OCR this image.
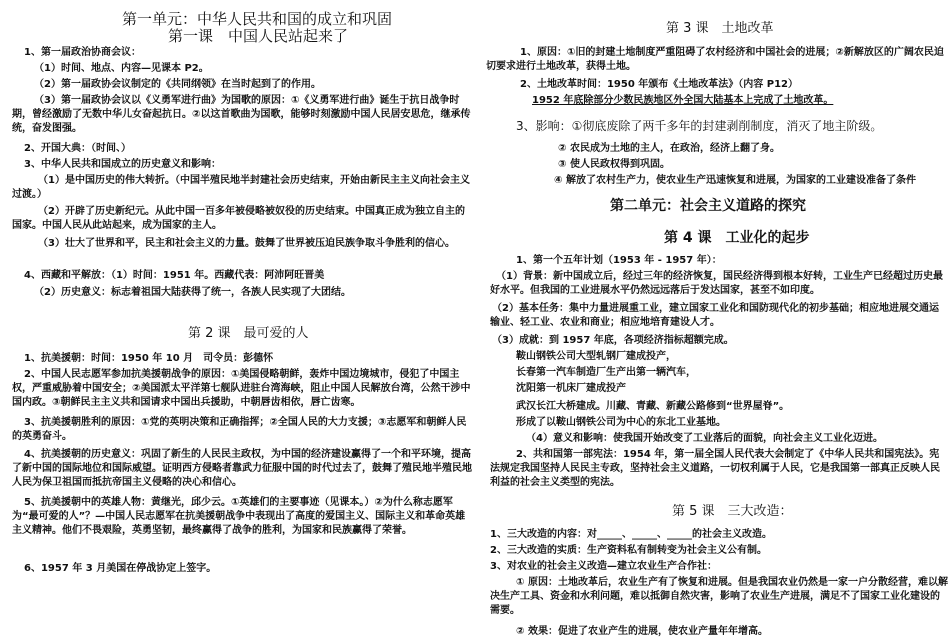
第一单元：中华人民共和国的成立和巩固
第一课　中国人民站起来了

1、第一届政治协商会议：

（1）时间、地点、内容—见课本 P2。

（2）第一届政协会议制定的《共同纲领》在当时起到了的作用。

（3）第一届政协会议以《义勇军进行曲》为国歌的原因：①《义勇军进行曲》诞生于抗日战争时期，曾经激励了无数中华儿女奋起抗日。②以这首歌曲为国歌，能够时刻激励中国人民居安思危，继承传统，奋发图强。

2、开国大典：（时间、）

3、中华人民共和国成立的历史意义和影响：

（1）是中国历史的伟大转折。（中国半殖民地半封建社会历史结束，开始由新民主主义向社会主义过渡。）

（2）开辟了历史新纪元。从此中国一百多年被侵略被奴役的历史结束。中国真正成为独立自主的国家。中国人民从此站起来，成为国家的主人。

（3）壮大了世界和平，民主和社会主义的力量。鼓舞了世界被压迫民族争取斗争胜利的信心。

4、西藏和平解放：（1）时间：1951 年。西藏代表：阿沛阿旺晋美

（2）历史意义：标志着祖国大陆获得了统一，各族人民实现了大团结。

第 2 课　最可爱的人

1、抗美援朝：时间：1950 年 10 月　司令员：彭德怀

2、中国人民志愿军参加抗美援朝战争的原因：①美国侵略朝鲜，轰炸中国边境城市，侵犯了中国主权，严重威胁着中国安全；②美国派太平洋第七舰队进驻台湾海峡，阻止中国人民解放台湾，公然干涉中国内政。③朝鲜民主主义共和国请求中国出兵援助，中朝唇齿相依，唇亡齿寒。

3、抗美援朝胜利的原因：①党的英明决策和正确指挥；②全国人民的大力支援；③志愿军和朝鲜人民的英勇奋斗。

4、抗美援朝的历史意义：巩固了新生的人民民主政权，为中国的经济建设赢得了一个和平环境，提高了新中国的国际地位和国际威望。证明西方侵略者靠武力征服中国的时代过去了，鼓舞了殖民地半殖民地人民为保卫祖国而抵抗帝国主义侵略的决心和信心。

5、抗美援朝中的英雄人物：黄继光，邱少云。①英雄们的主要事迹（见课本。）②为什么称志愿军为“最可爱的人”？—中国人民志愿军在抗美援朝战争中表现出了高度的爱国主义、国际主义和革命英雄主义精神。他们不畏艰险，英勇坚韧，最终赢得了战争的胜利，为国家和民族赢得了荣誉。

6、1957 年 3 月美国在停战协定上签字。

第 3 课　土地改革

1、原因：①旧的封建土地制度严重阻碍了农村经济和中国社会的进展；②新解放区的广阔农民迫切要求进行土地改革，获得土地。

2、土地改革时间：1950 年颁布《土地改革法》（内容 P12）

1952 年底除部分少数民族地区外全国大陆基本上完成了土地改革。

3、影响：①彻底废除了两千多年的封建剥削制度，消灭了地主阶级。

② 农民成为土地的主人，在政治，经济上翻了身。

③ 使人民政权得到巩固。

④ 解放了农村生产力，使农业生产迅速恢复和进展，为国家的工业建设准备了条件

第二单元：社会主义道路的探究
第 4 课　工业化的起步

1、第一个五年计划（1953 年 - 1957 年）：

（1）背景：新中国成立后，经过三年的经济恢复，国民经济得到根本好转，工业生产已经超过历史最好水平。但我国的工业进展水平仍然远远落后于发达国家，甚至不如印度。

（2）基本任务：集中力量进展重工业，建立国家工业化和国防现代化的初步基础；相应地进展交通运输业、轻工业、农业和商业；相应地培育建设人才。

（3）成就：到 1957 年底，各项经济指标超额完成。

鞍山钢铁公司大型轧钢厂建成投产，

长春第一汽车制造厂生产出第一辆汽车，

沈阳第一机床厂建成投产

武汉长江大桥建成。川藏、青藏、新藏公路修到“世界屋脊”。

形成了以鞍山钢铁公司为中心的东北工业基地。

（4）意义和影响：使我国开始改变了工业落后的面貌，向社会主义工业化迈进。

2、共和国第一部宪法：1954 年，第一届全国人民代表大会制定了《中华人民共和国宪法》。宪法规定我国坚持人民民主专政，坚持社会主义道路，一切权利属于人民，它是我国第一部真正反映人民利益的社会主义类型的宪法。

第 5 课　三大改造：

1、三大改造的内容：对_____、_____、_____的社会主义改造。

2、三大改造的实质：生产资料私有制转变为社会主义公有制。

3、对农业的社会主义改造—建立农业生产合作社：

① 原因：土地改革后，农业生产有了恢复和进展。但是我国农业仍然是一家一户分散经营，难以解决生产工具、资金和水利问题，难以抵御自然灾害，影响了农业生产进展，满足不了国家工业化建设的需要。

② 效果：促进了农业产生的进展，使农业产量年年增高。
